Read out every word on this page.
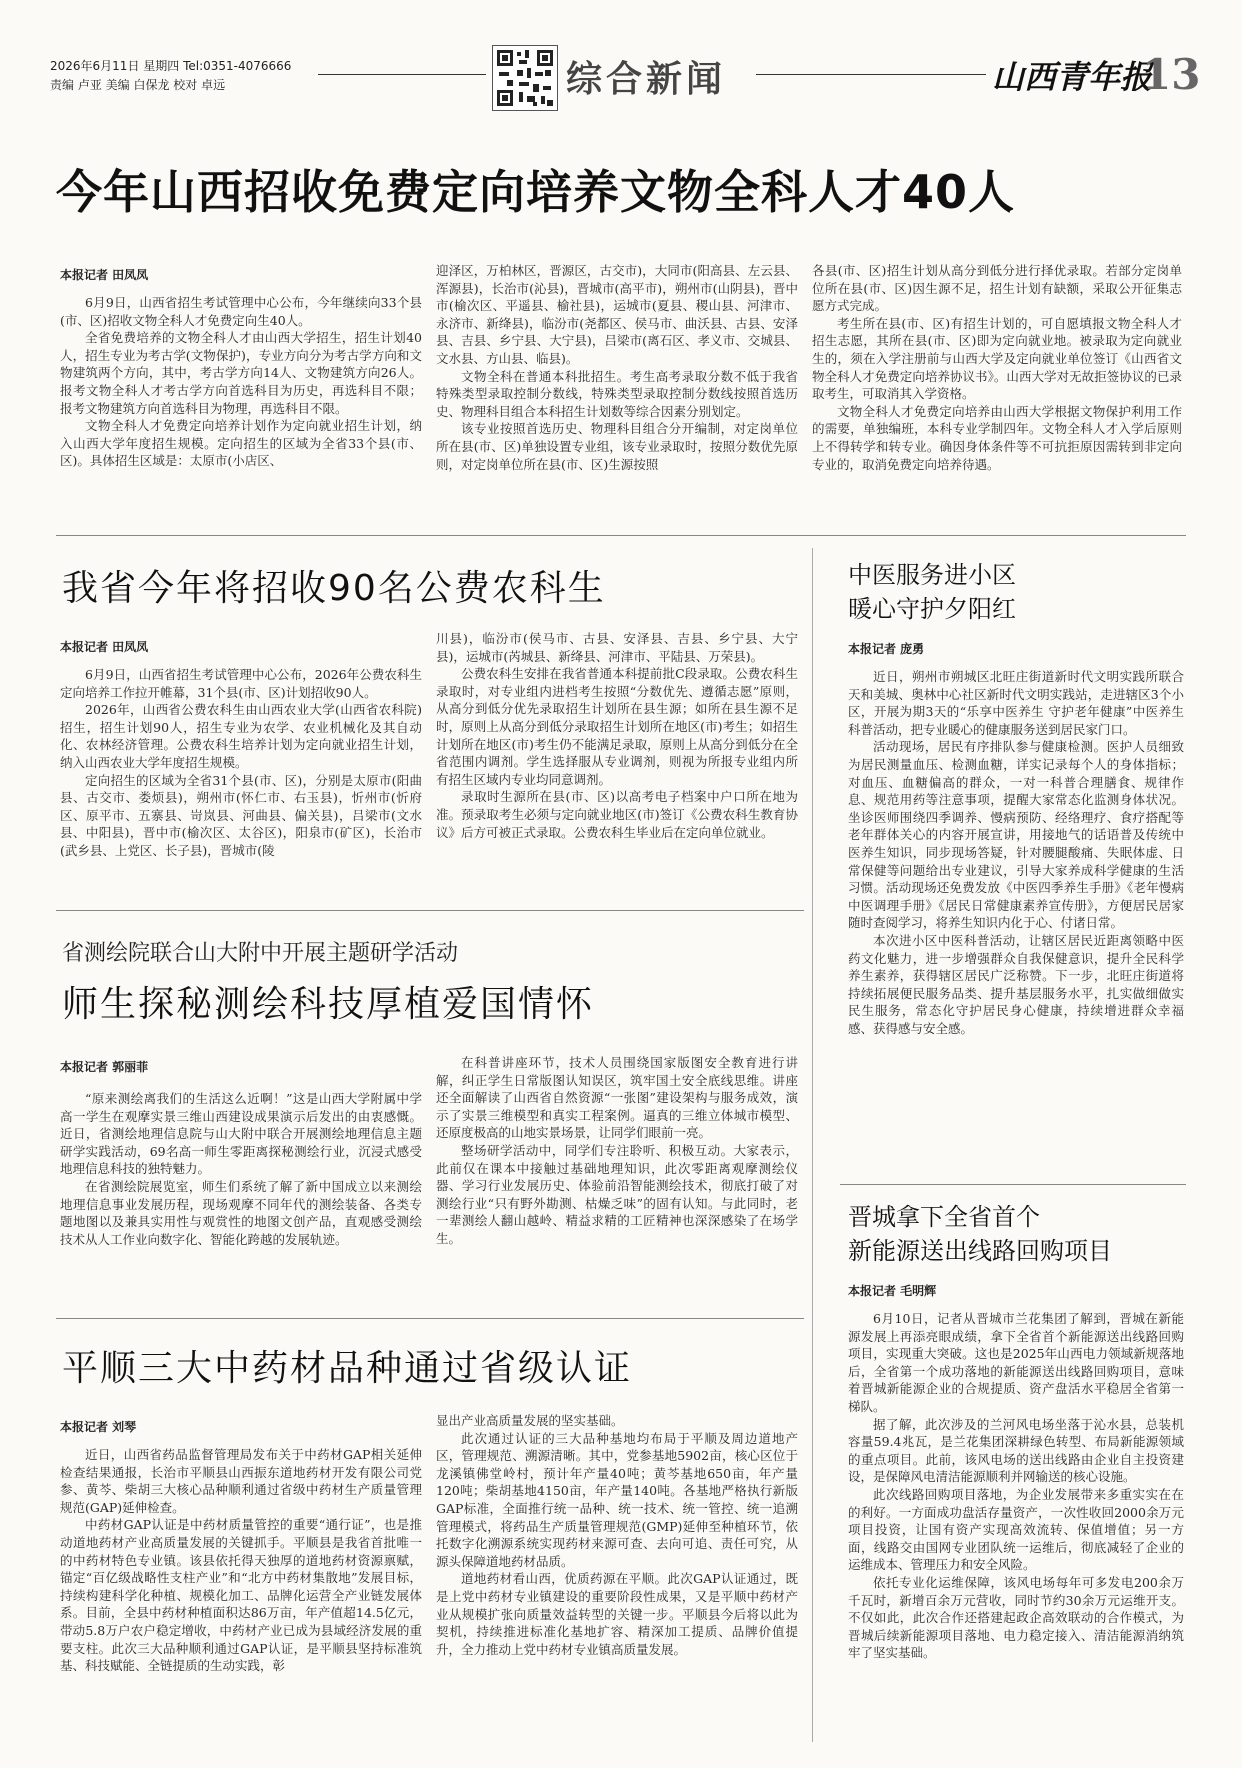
2026年6月11日 星期四 Tel:0351-4076666
责编 卢亚 美编 白保龙 校对 卓远	综合新闻	山西青年报
13
今年山西招收免费定向培养文物全科人才40人
本报记者 田凤凤

6月9日，山西省招生考试管理中心公布，今年继续向33个县(市、区)招收文物全科人才免费定向生40人。

全省免费培养的文物全科人才由山西大学招生，招生计划40人，招生专业为考古学(文物保护)，专业方向分为考古学方向和文物建筑两个方向，其中，考古学方向14人、文物建筑方向26人。报考文物全科人才考古学方向首选科目为历史，再选科目不限；报考文物建筑方向首选科目为物理，再选科目不限。

文物全科人才免费定向培养计划作为定向就业招生计划，纳入山西大学年度招生规模。定向招生的区域为全省33个县(市、区)。具体招生区域是：太原市(小店区、

迎泽区，万柏林区，晋源区，古交市)，大同市(阳高县、左云县、浑源县)，长治市(沁县)，晋城市(高平市)，朔州市(山阴县)，晋中市(榆次区、平遥县、榆社县)，运城市(夏县、稷山县、河津市、永济市、新绛县)，临汾市(尧都区、侯马市、曲沃县、古县、安泽县、吉县、乡宁县、大宁县)，吕梁市(离石区、孝义市、交城县、文水县、方山县、临县)。

文物全科在普通本科批招生。考生高考录取分数不低于我省特殊类型录取控制分数线，特殊类型录取控制分数线按照首选历史、物理科目组合本科招生计划数等综合因素分别划定。

该专业按照首选历史、物理科目组合分开编制，对定岗单位所在县(市、区)单独设置专业组，该专业录取时，按照分数优先原则，对定岗单位所在县(市、区)生源按照

各县(市、区)招生计划从高分到低分进行择优录取。若部分定岗单位所在县(市、区)因生源不足，招生计划有缺额，采取公开征集志愿方式完成。

考生所在县(市、区)有招生计划的，可自愿填报文物全科人才招生志愿，其所在县(市、区)即为定向就业地。被录取为定向就业生的，须在入学注册前与山西大学及定向就业单位签订《山西省文物全科人才免费定向培养协议书》。山西大学对无故拒签协议的已录取考生，可取消其入学资格。

文物全科人才免费定向培养由山西大学根据文物保护利用工作的需要，单独编班，本科专业学制四年。文物全科人才入学后原则上不得转学和转专业。确因身体条件等不可抗拒原因需转到非定向专业的，取消免费定向培养待遇。

我省今年将招收90名公费农科生
本报记者 田凤凤

6月9日，山西省招生考试管理中心公布，2026年公费农科生定向培养工作拉开帷幕，31个县(市、区)计划招收90人。

2026年，山西省公费农科生由山西农业大学(山西省农科院)招生，招生计划90人，招生专业为农学、农业机械化及其自动化、农林经济管理。公费农科生培养计划为定向就业招生计划，纳入山西农业大学年度招生规模。

定向招生的区域为全省31个县(市、区)，分别是太原市(阳曲县、古交市、娄烦县)，朔州市(怀仁市、右玉县)，忻州市(忻府区、原平市、五寨县、岢岚县、河曲县、偏关县)，吕梁市(文水县、中阳县)，晋中市(榆次区、太谷区)，阳泉市(矿区)，长治市(武乡县、上党区、长子县)，晋城市(陵

川县)，临汾市(侯马市、古县、安泽县、吉县、乡宁县、大宁县)，运城市(芮城县、新绛县、河津市、平陆县、万荣县)。

公费农科生安排在我省普通本科提前批C段录取。公费农科生录取时，对专业组内进档考生按照“分数优先、遵循志愿”原则，从高分到低分优先录取招生计划所在县生源；如所在县生源不足时，原则上从高分到低分录取招生计划所在地区(市)考生；如招生计划所在地区(市)考生仍不能满足录取，原则上从高分到低分在全省范围内调剂。学生选择服从专业调剂，则视为所报专业组内所有招生区域内专业均同意调剂。

录取时生源所在县(市、区)以高考电子档案中户口所在地为准。预录取考生必须与定向就业地区(市)签订《公费农科生教育协议》后方可被正式录取。公费农科生毕业后在定向单位就业。

省测绘院联合山大附中开展主题研学活动
师生探秘测绘科技厚植爱国情怀
本报记者 郭丽菲

“原来测绘离我们的生活这么近啊！”这是山西大学附属中学高一学生在观摩实景三维山西建设成果演示后发出的由衷感慨。近日，省测绘地理信息院与山大附中联合开展测绘地理信息主题研学实践活动，69名高一师生零距离探秘测绘行业，沉浸式感受地理信息科技的独特魅力。

在省测绘院展览室，师生们系统了解了新中国成立以来测绘地理信息事业发展历程，现场观摩不同年代的测绘装备、各类专题地图以及兼具实用性与观赏性的地图文创产品，直观感受测绘技术从人工作业向数字化、智能化跨越的发展轨迹。

在科普讲座环节，技术人员围绕国家版图安全教育进行讲解，纠正学生日常版图认知误区，筑牢国土安全底线思维。讲座还全面解读了山西省自然资源“一张图”建设架构与服务成效，演示了实景三维模型和真实工程案例。逼真的三维立体城市模型、还原度极高的山地实景场景，让同学们眼前一亮。

整场研学活动中，同学们专注聆听、积极互动。大家表示，此前仅在课本中接触过基础地理知识，此次零距离观摩测绘仪器、学习行业发展历史、体验前沿智能测绘技术，彻底打破了对测绘行业“只有野外勘测、枯燥乏味”的固有认知。与此同时，老一辈测绘人翻山越岭、精益求精的工匠精神也深深感染了在场学生。

平顺三大中药材品种通过省级认证
本报记者 刘琴

近日，山西省药品监督管理局发布关于中药材GAP相关延伸检查结果通报，长治市平顺县山西振东道地药材开发有限公司党参、黄芩、柴胡三大核心品种顺利通过省级中药材生产质量管理规范(GAP)延伸检查。

中药材GAP认证是中药材质量管控的重要“通行证”，也是推动道地药材产业高质量发展的关键抓手。平顺县是我省首批唯一的中药材特色专业镇。该县依托得天独厚的道地药材资源禀赋，锚定“百亿级战略性支柱产业”和“北方中药材集散地”发展目标，持续构建科学化种植、规模化加工、品牌化运营全产业链发展体系。目前，全县中药材种植面积达86万亩，年产值超14.5亿元，带动5.8万户农户稳定增收，中药材产业已成为县域经济发展的重要支柱。此次三大品种顺利通过GAP认证，是平顺县坚持标准筑基、科技赋能、全链提质的生动实践，彰

显出产业高质量发展的坚实基础。

此次通过认证的三大品种基地均布局于平顺及周边道地产区，管理规范、溯源清晰。其中，党参基地5902亩，核心区位于龙溪镇佛堂岭村，预计年产量40吨；黄芩基地650亩，年产量120吨；柴胡基地4150亩，年产量140吨。各基地严格执行新版GAP标准，全面推行统一品种、统一技术、统一管控、统一追溯管理模式，将药品生产质量管理规范(GMP)延伸至种植环节，依托数字化溯源系统实现药材来源可查、去向可追、责任可究，从源头保障道地药材品质。

道地药材看山西，优质药源在平顺。此次GAP认证通过，既是上党中药材专业镇建设的重要阶段性成果，又是平顺中药材产业从规模扩张向质量效益转型的关键一步。平顺县今后将以此为契机，持续推进标准化基地扩容、精深加工提质、品牌价值提升，全力推动上党中药材专业镇高质量发展。

中医服务进小区
暖心守护夕阳红
本报记者 庞勇

近日，朔州市朔城区北旺庄街道新时代文明实践所联合天和美城、奥林中心社区新时代文明实践站，走进辖区3个小区，开展为期3天的“乐享中医养生 守护老年健康”中医养生科普活动，把专业暖心的健康服务送到居民家门口。

活动现场，居民有序排队参与健康检测。医护人员细致为居民测量血压、检测血糖，详实记录每个人的身体指标；对血压、血糖偏高的群众，一对一科普合理膳食、规律作息、规范用药等注意事项，提醒大家常态化监测身体状况。坐诊医师围绕四季调养、慢病预防、经络理疗、食疗搭配等老年群体关心的内容开展宣讲，用接地气的话语普及传统中医养生知识，同步现场答疑，针对腰腿酸痛、失眠体虚、日常保健等问题给出专业建议，引导大家养成科学健康的生活习惯。活动现场还免费发放《中医四季养生手册》《老年慢病中医调理手册》《居民日常健康素养宣传册》，方便居民居家随时查阅学习，将养生知识内化于心、付诸日常。

本次进小区中医科普活动，让辖区居民近距离领略中医药文化魅力，进一步增强群众自我保健意识，提升全民科学养生素养，获得辖区居民广泛称赞。下一步，北旺庄街道将持续拓展便民服务品类、提升基层服务水平，扎实做细做实民生服务，常态化守护居民身心健康，持续增进群众幸福感、获得感与安全感。

晋城拿下全省首个
新能源送出线路回购项目
本报记者 毛明辉

6月10日，记者从晋城市兰花集团了解到，晋城在新能源发展上再添亮眼成绩，拿下全省首个新能源送出线路回购项目，实现重大突破。这也是2025年山西电力领域新规落地后，全省第一个成功落地的新能源送出线路回购项目，意味着晋城新能源企业的合规提质、资产盘活水平稳居全省第一梯队。

据了解，此次涉及的兰河风电场坐落于沁水县，总装机容量59.4兆瓦，是兰花集团深耕绿色转型、布局新能源领域的重点项目。此前，该风电场的送出线路由企业自主投资建设，是保障风电清洁能源顺利并网输送的核心设施。

此次线路回购项目落地，为企业发展带来多重实实在在的利好。一方面成功盘活存量资产，一次性收回2000余万元项目投资，让国有资产实现高效流转、保值增值；另一方面，线路交由国网专业团队统一运维后，彻底减轻了企业的运维成本、管理压力和安全风险。

依托专业化运维保障，该风电场每年可多发电200余万千瓦时，新增百余万元营收，同时节约30余万元运维开支。不仅如此，此次合作还搭建起政企高效联动的合作模式，为晋城后续新能源项目落地、电力稳定接入、清洁能源消纳筑牢了坚实基础。
